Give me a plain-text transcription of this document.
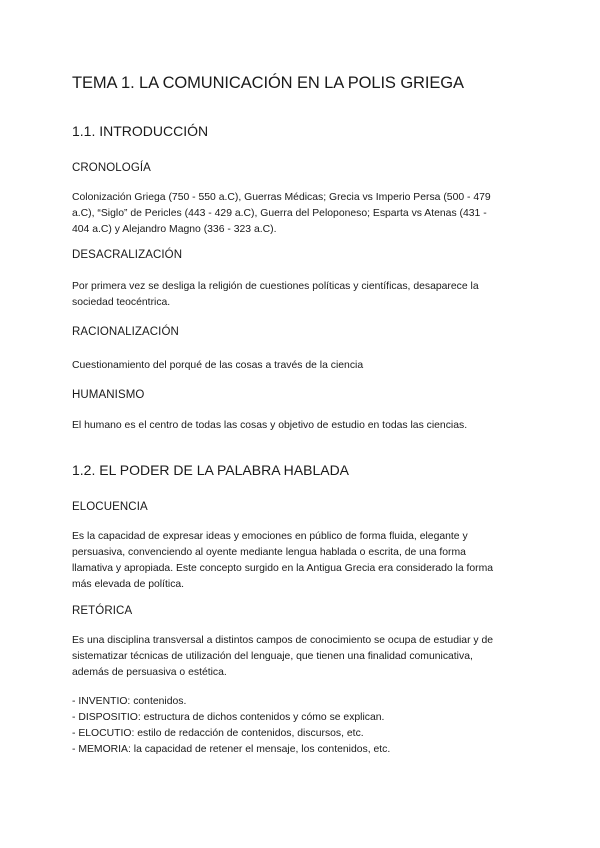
TEMA 1. LA COMUNICACIÓN EN LA POLIS GRIEGA
1.1. INTRODUCCIÓN
CRONOLOGÍA
Colonización Griega (750 - 550 a.C), Guerras Médicas; Grecia vs Imperio Persa (500 - 479
a.C), “Siglo” de Pericles (443 - 429 a.C), Guerra del Peloponeso; Esparta vs Atenas (431 -
404 a.C) y Alejandro Magno (336 - 323 a.C).
DESACRALIZACIÓN
Por primera vez se desliga la religión de cuestiones políticas y científicas, desaparece la
sociedad teocéntrica.
RACIONALIZACIÓN
Cuestionamiento del porqué de las cosas a través de la ciencia
HUMANISMO
El humano es el centro de todas las cosas y objetivo de estudio en todas las ciencias.
1.2. EL PODER DE LA PALABRA HABLADA
ELOCUENCIA
Es la capacidad de expresar ideas y emociones en público de forma fluida, elegante y
persuasiva, convenciendo al oyente mediante lengua hablada o escrita, de una forma
llamativa y apropiada. Este concepto surgido en la Antigua Grecia era considerado la forma
más elevada de política.
RETÓRICA
Es una disciplina transversal a distintos campos de conocimiento se ocupa de estudiar y de
sistematizar técnicas de utilización del lenguaje, que tienen una finalidad comunicativa,
además de persuasiva o estética.
- INVENTIO: contenidos.
- DISPOSITIO: estructura de dichos contenidos y cómo se explican.
- ELOCUTIO: estilo de redacción de contenidos, discursos, etc.
- MEMORIA: la capacidad de retener el mensaje, los contenidos, etc.
